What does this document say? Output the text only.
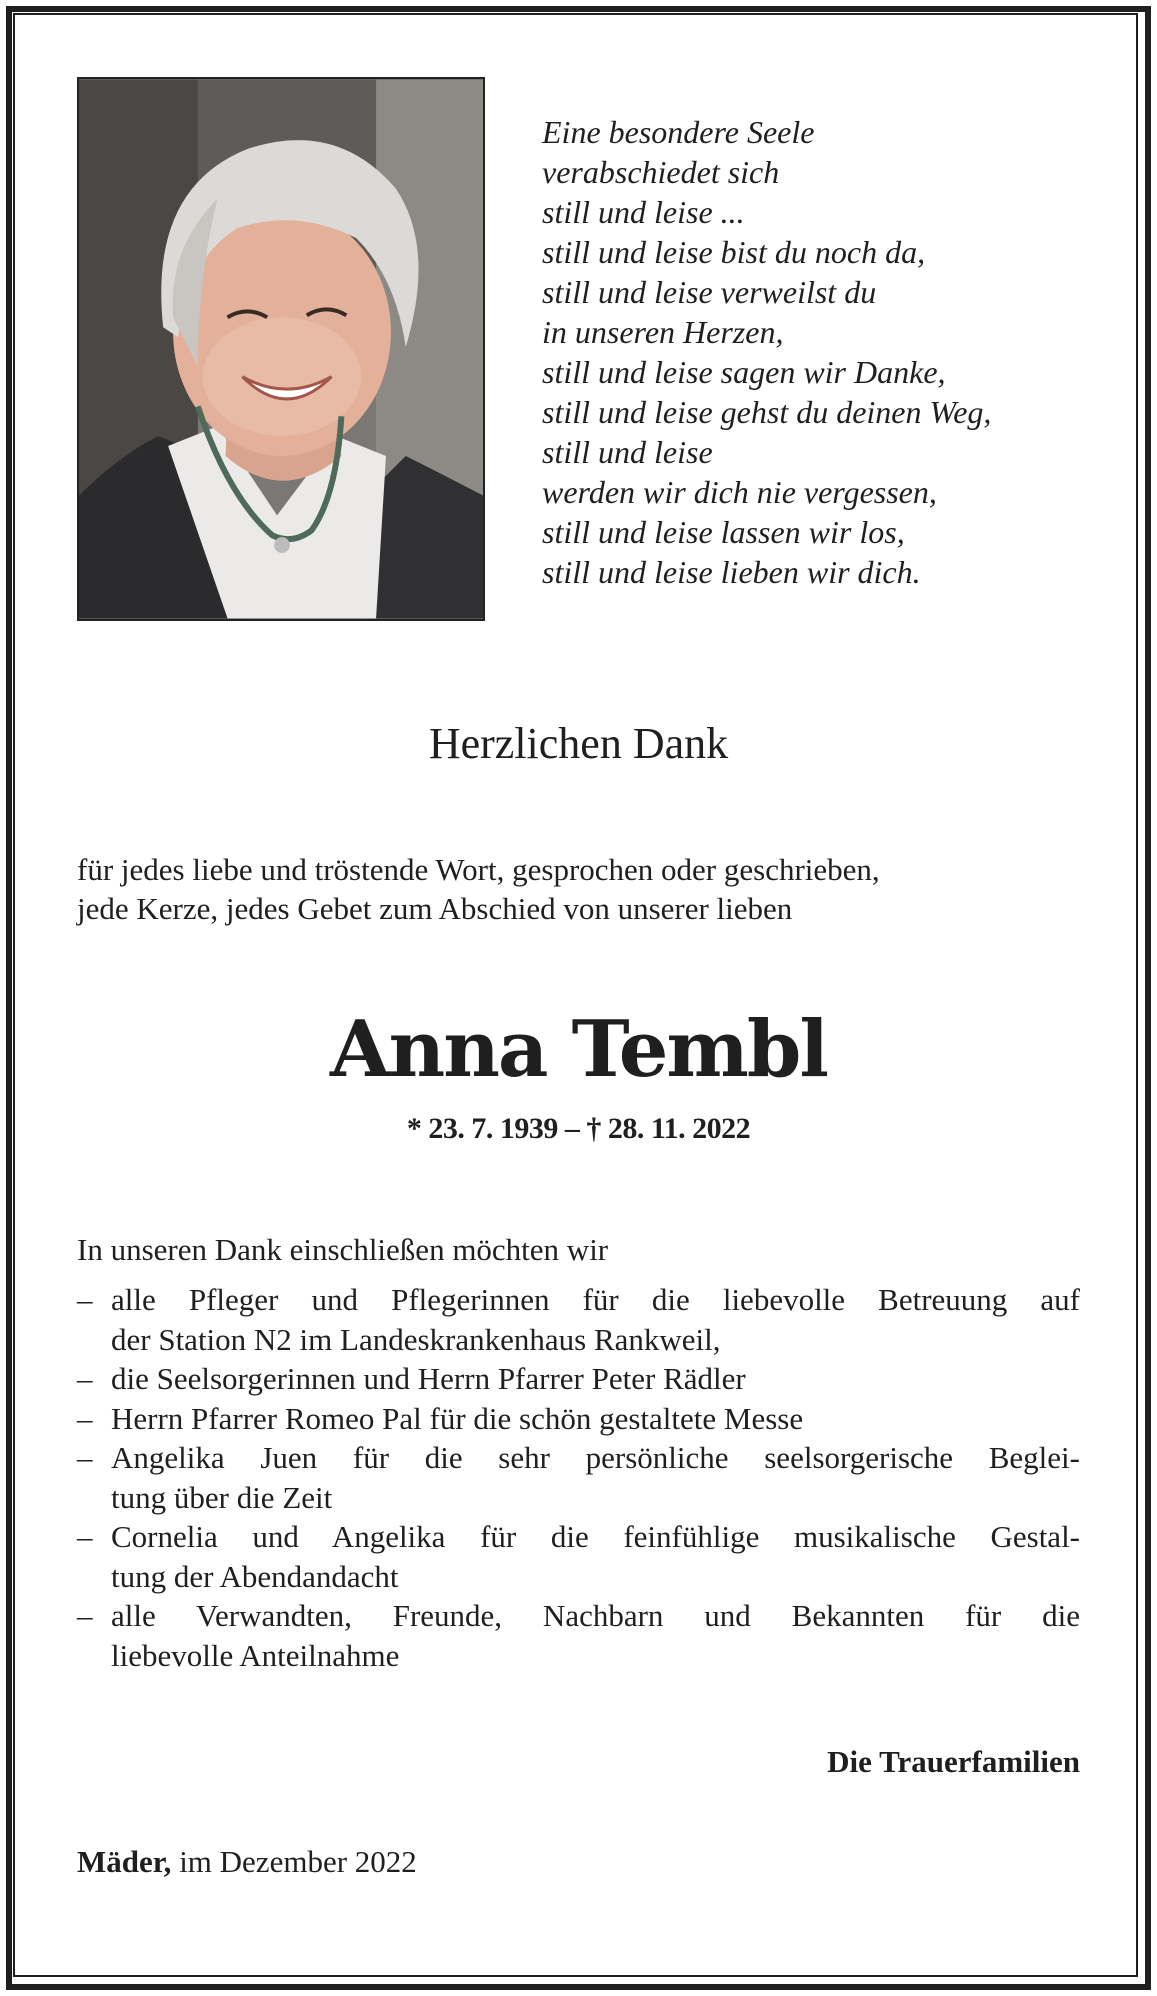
Eine besondere Seele
verabschiedet sich
still und leise ...
still und leise bist du noch da,
still und leise verweilst du
in unseren Herzen,
still und leise sagen wir Danke,
still und leise gehst du deinen Weg,
still und leise
werden wir dich nie vergessen,
still und leise lassen wir los,
still und leise lieben wir dich.
Herzlichen Dank
für jedes liebe und tröstende Wort, gesprochen oder geschrieben,
jede Kerze, jedes Gebet zum Abschied von unserer lieben
Anna Tembl
* 23. 7. 1939 – † 28. 11. 2022
In unseren Dank einschließen möchten wir
– alle Pfleger und Pflegerinnen für die liebevolle Betreuung auf
der Station N2 im Landeskrankenhaus Rankweil,
– die Seelsorgerinnen und Herrn Pfarrer Peter Rädler
– Herrn Pfarrer Romeo Pal für die schön gestaltete Messe
– Angelika Juen für die sehr persönliche seelsorgerische Beglei-
tung über die Zeit
– Cornelia und Angelika für die feinfühlige musikalische Gestal-
tung der Abendandacht
– alle Verwandten, Freunde, Nachbarn und Bekannten für die
liebevolle Anteilnahme
Die Trauerfamilien
Mäder, im Dezember 2022
